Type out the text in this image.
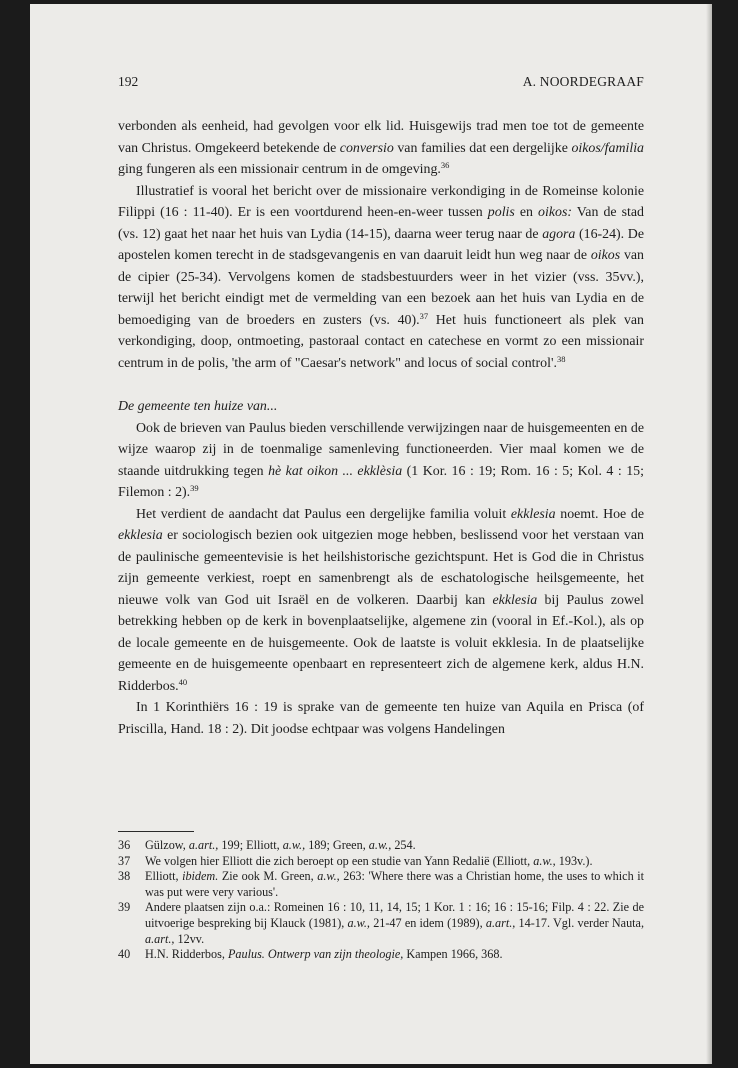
192	A. NOORDEGRAAF

verbonden als eenheid, had gevolgen voor elk lid. Huisgewijs trad men toe tot de gemeente van Christus. Omgekeerd betekende de conversio van families dat een dergelijke oikos/familia ging fungeren als een missionair centrum in de omgeving.$^{36}$

Illustratief is vooral het bericht over de missionaire verkondiging in de Romeinse kolonie Filippi (16 : 11-40). Er is een voortdurend heen-en-weer tussen polis en oikos: Van de stad (vs. 12) gaat het naar het huis van Lydia (14-15), daarna weer terug naar de agora (16-24). De apostelen komen terecht in de stadsgevangenis en van daaruit leidt hun weg naar de oikos van de cipier (25-34). Vervolgens komen de stadsbestuurders weer in het vizier (vss. 35vv.), terwijl het bericht eindigt met de vermelding van een bezoek aan het huis van Lydia en de bemoediging van de broeders en zusters (vs. 40).$^{37}$ Het huis functioneert als plek van verkondiging, doop, ontmoeting, pastoraal contact en catechese en vormt zo een missionair centrum in de polis, 'the arm of "Caesar's network" and locus of social control'.$^{38}$

De gemeente ten huize van...

Ook de brieven van Paulus bieden verschillende verwijzingen naar de huisgemeenten en de wijze waarop zij in de toenmalige samenleving functioneerden. Vier maal komen we de staande uitdrukking tegen hè kat oikon ... ekklèsia (1 Kor. 16 : 19; Rom. 16 : 5; Kol. 4 : 15; Filemon : 2).$^{39}$

Het verdient de aandacht dat Paulus een dergelijke familia voluit ekklesia noemt. Hoe de ekklesia er sociologisch bezien ook uitgezien moge hebben, beslissend voor het verstaan van de paulinische gemeentevisie is het heilshistorische gezichtspunt. Het is God die in Christus zijn gemeente verkiest, roept en samenbrengt als de eschatologische heilsgemeente, het nieuwe volk van God uit Israël en de volkeren. Daarbij kan ekklesia bij Paulus zowel betrekking hebben op de kerk in bovenplaatselijke, algemene zin (vooral in Ef.-Kol.), als op de locale gemeente en de huisgemeente. Ook de laatste is voluit ekklesia. In de plaatselijke gemeente en de huisgemeente openbaart en representeert zich de algemene kerk, aldus H.N. Ridderbos.$^{40}$

In 1 Korinthiërs 16 : 19 is sprake van de gemeente ten huize van Aquila en Prisca (of Priscilla, Hand. 18 : 2). Dit joodse echtpaar was volgens Handelingen

36	Gülzow, a.art., 199; Elliott, a.w., 189; Green, a.w., 254.
37	We volgen hier Elliott die zich beroept op een studie van Yann Redalië (Elliott, a.w., 193v.).
38	Elliott, ibidem. Zie ook M. Green, a.w., 263: 'Where there was a Christian home, the uses to which it was put were very various'.
39	Andere plaatsen zijn o.a.: Romeinen 16 : 10, 11, 14, 15; 1 Kor. 1 : 16; 16 : 15-16; Filp. 4 : 22. Zie de uitvoerige bespreking bij Klauck (1981), a.w., 21-47 en idem (1989), a.art., 14-17. Vgl. verder Nauta, a.art., 12vv.
40	H.N. Ridderbos, Paulus. Ontwerp van zijn theologie, Kampen 1966, 368.
